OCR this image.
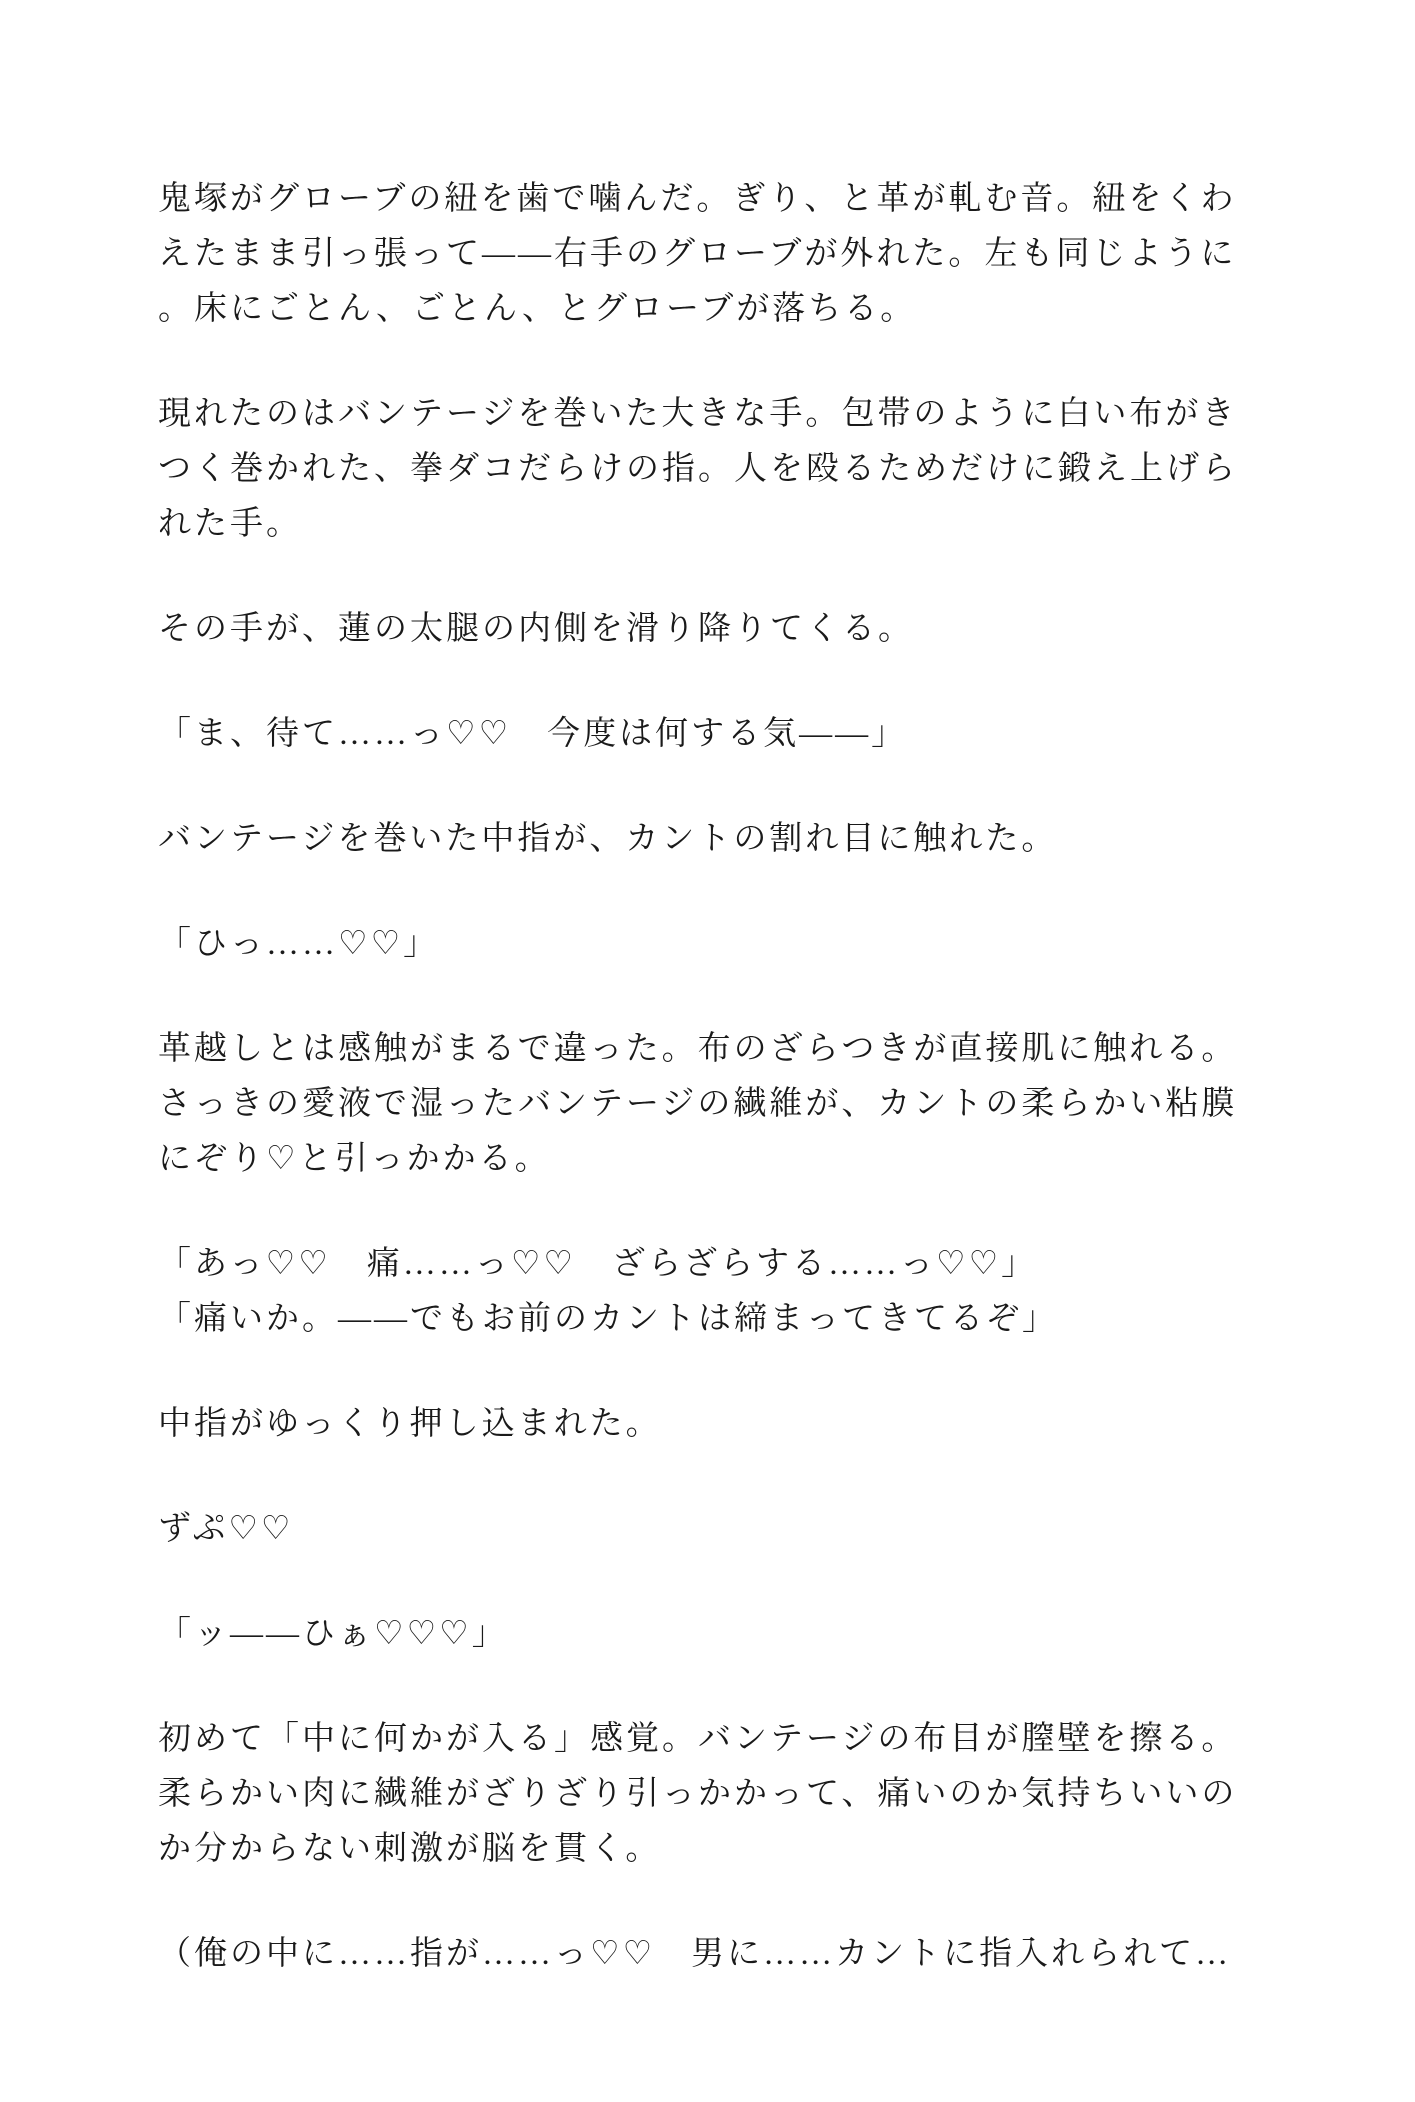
鬼塚がグローブの紐を歯で噛んだ。ぎり、と革が軋む音。紐をくわ
えたまま引っ張って――右手のグローブが外れた。左も同じように
。床にごとん、ごとん、とグローブが落ちる。
現れたのはバンテージを巻いた大きな手。包帯のように白い布がき
つく巻かれた、拳ダコだらけの指。人を殴るためだけに鍛え上げら
れた手。
その手が、蓮の太腿の内側を滑り降りてくる。
「ま、待て……っ♡♡　今度は何する気――」
バンテージを巻いた中指が、カントの割れ目に触れた。
「ひっ……♡♡」
革越しとは感触がまるで違った。布のざらつきが直接肌に触れる。
さっきの愛液で湿ったバンテージの繊維が、カントの柔らかい粘膜
にぞり♡と引っかかる。
「あっ♡♡　痛……っ♡♡　ざらざらする……っ♡♡」
「痛いか。――でもお前のカントは締まってきてるぞ」
中指がゆっくり押し込まれた。
ずぷ♡♡
「ッ――ひぁ♡♡♡」
初めて「中に何かが入る」感覚。バンテージの布目が膣壁を擦る。
柔らかい肉に繊維がざりざり引っかかって、痛いのか気持ちいいの
か分からない刺激が脳を貫く。
（俺の中に……指が……っ♡♡　男に……カントに指入れられて…
